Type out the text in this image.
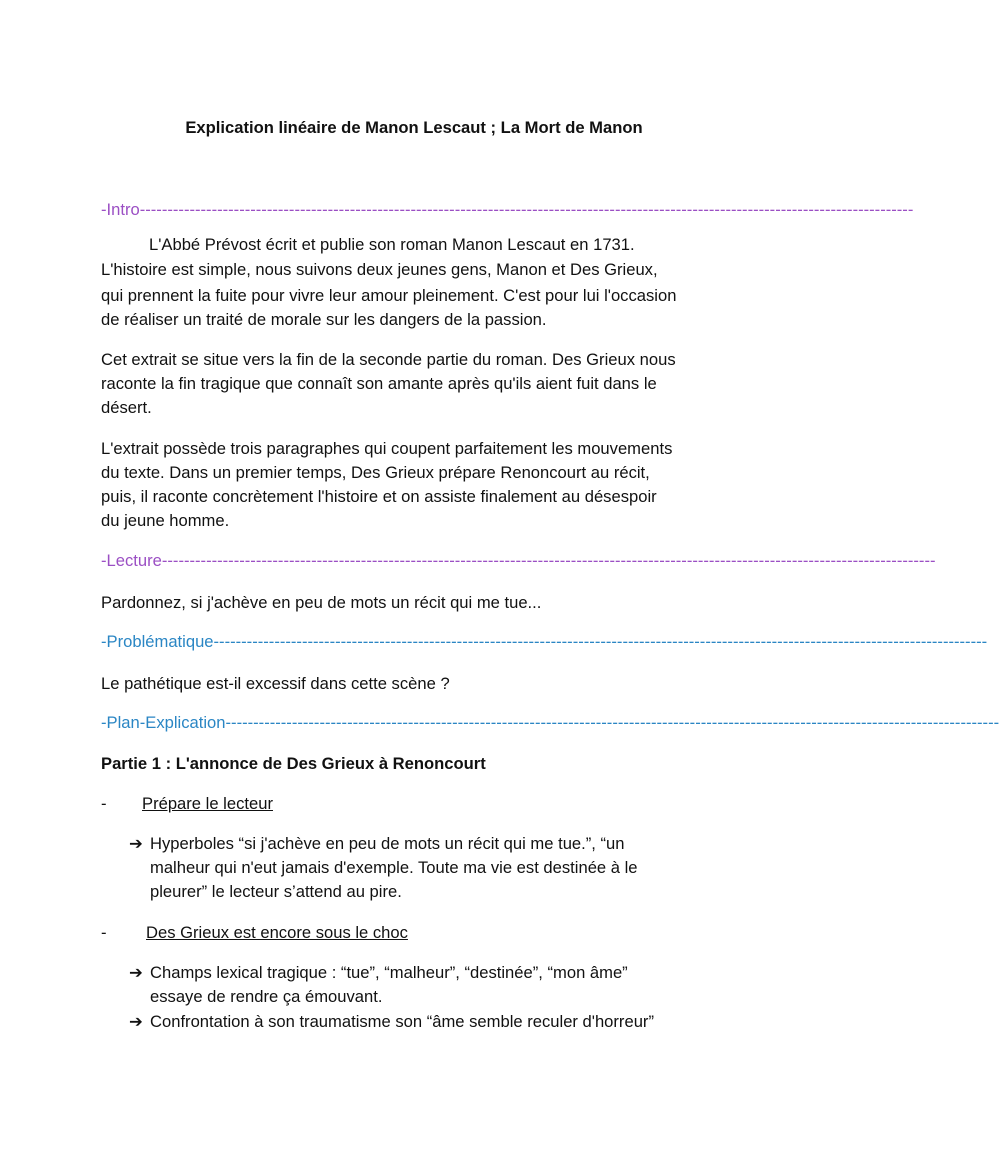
Explication linéaire de Manon Lescaut ; La Mort de Manon
-Intro--------------------------------------------------------------------------------------------------------------------------------------------
L'Abbé Prévost écrit et publie son roman Manon Lescaut en 1731.
L'histoire est simple, nous suivons deux jeunes gens, Manon et Des Grieux,
qui prennent la fuite pour vivre leur amour pleinement. C'est pour lui l'occasion
de réaliser un traité de morale sur les dangers de la passion.
Cet extrait se situe vers la fin de la seconde partie du roman. Des Grieux nous
raconte la fin tragique que connaît son amante après qu'ils aient fuit dans le
désert.
L'extrait possède trois paragraphes qui coupent parfaitement les mouvements
du texte. Dans un premier temps, Des Grieux prépare Renoncourt au récit,
puis, il raconte concrètement l'histoire et on assiste finalement au désespoir
du jeune homme.
-Lecture--------------------------------------------------------------------------------------------------------------------------------------------
Pardonnez, si j'achève en peu de mots un récit qui me tue...
-Problématique--------------------------------------------------------------------------------------------------------------------------------------------
Le pathétique est-il excessif dans cette scène ?
-Plan-Explication--------------------------------------------------------------------------------------------------------------------------------------------
Partie 1 : L'annonce de Des Grieux à Renoncourt
- Prépare le lecteur
➔ Hyperboles “si j'achève en peu de mots un récit qui me tue.”, “un
malheur qui n'eut jamais d'exemple. Toute ma vie est destinée à le
pleurer” le lecteur s’attend au pire.
- Des Grieux est encore sous le choc
➔ Champs lexical tragique : “tue”, “malheur”, “destinée”, “mon âme”
essaye de rendre ça émouvant.
➔ Confrontation à son traumatisme son “âme semble reculer d'horreur”
